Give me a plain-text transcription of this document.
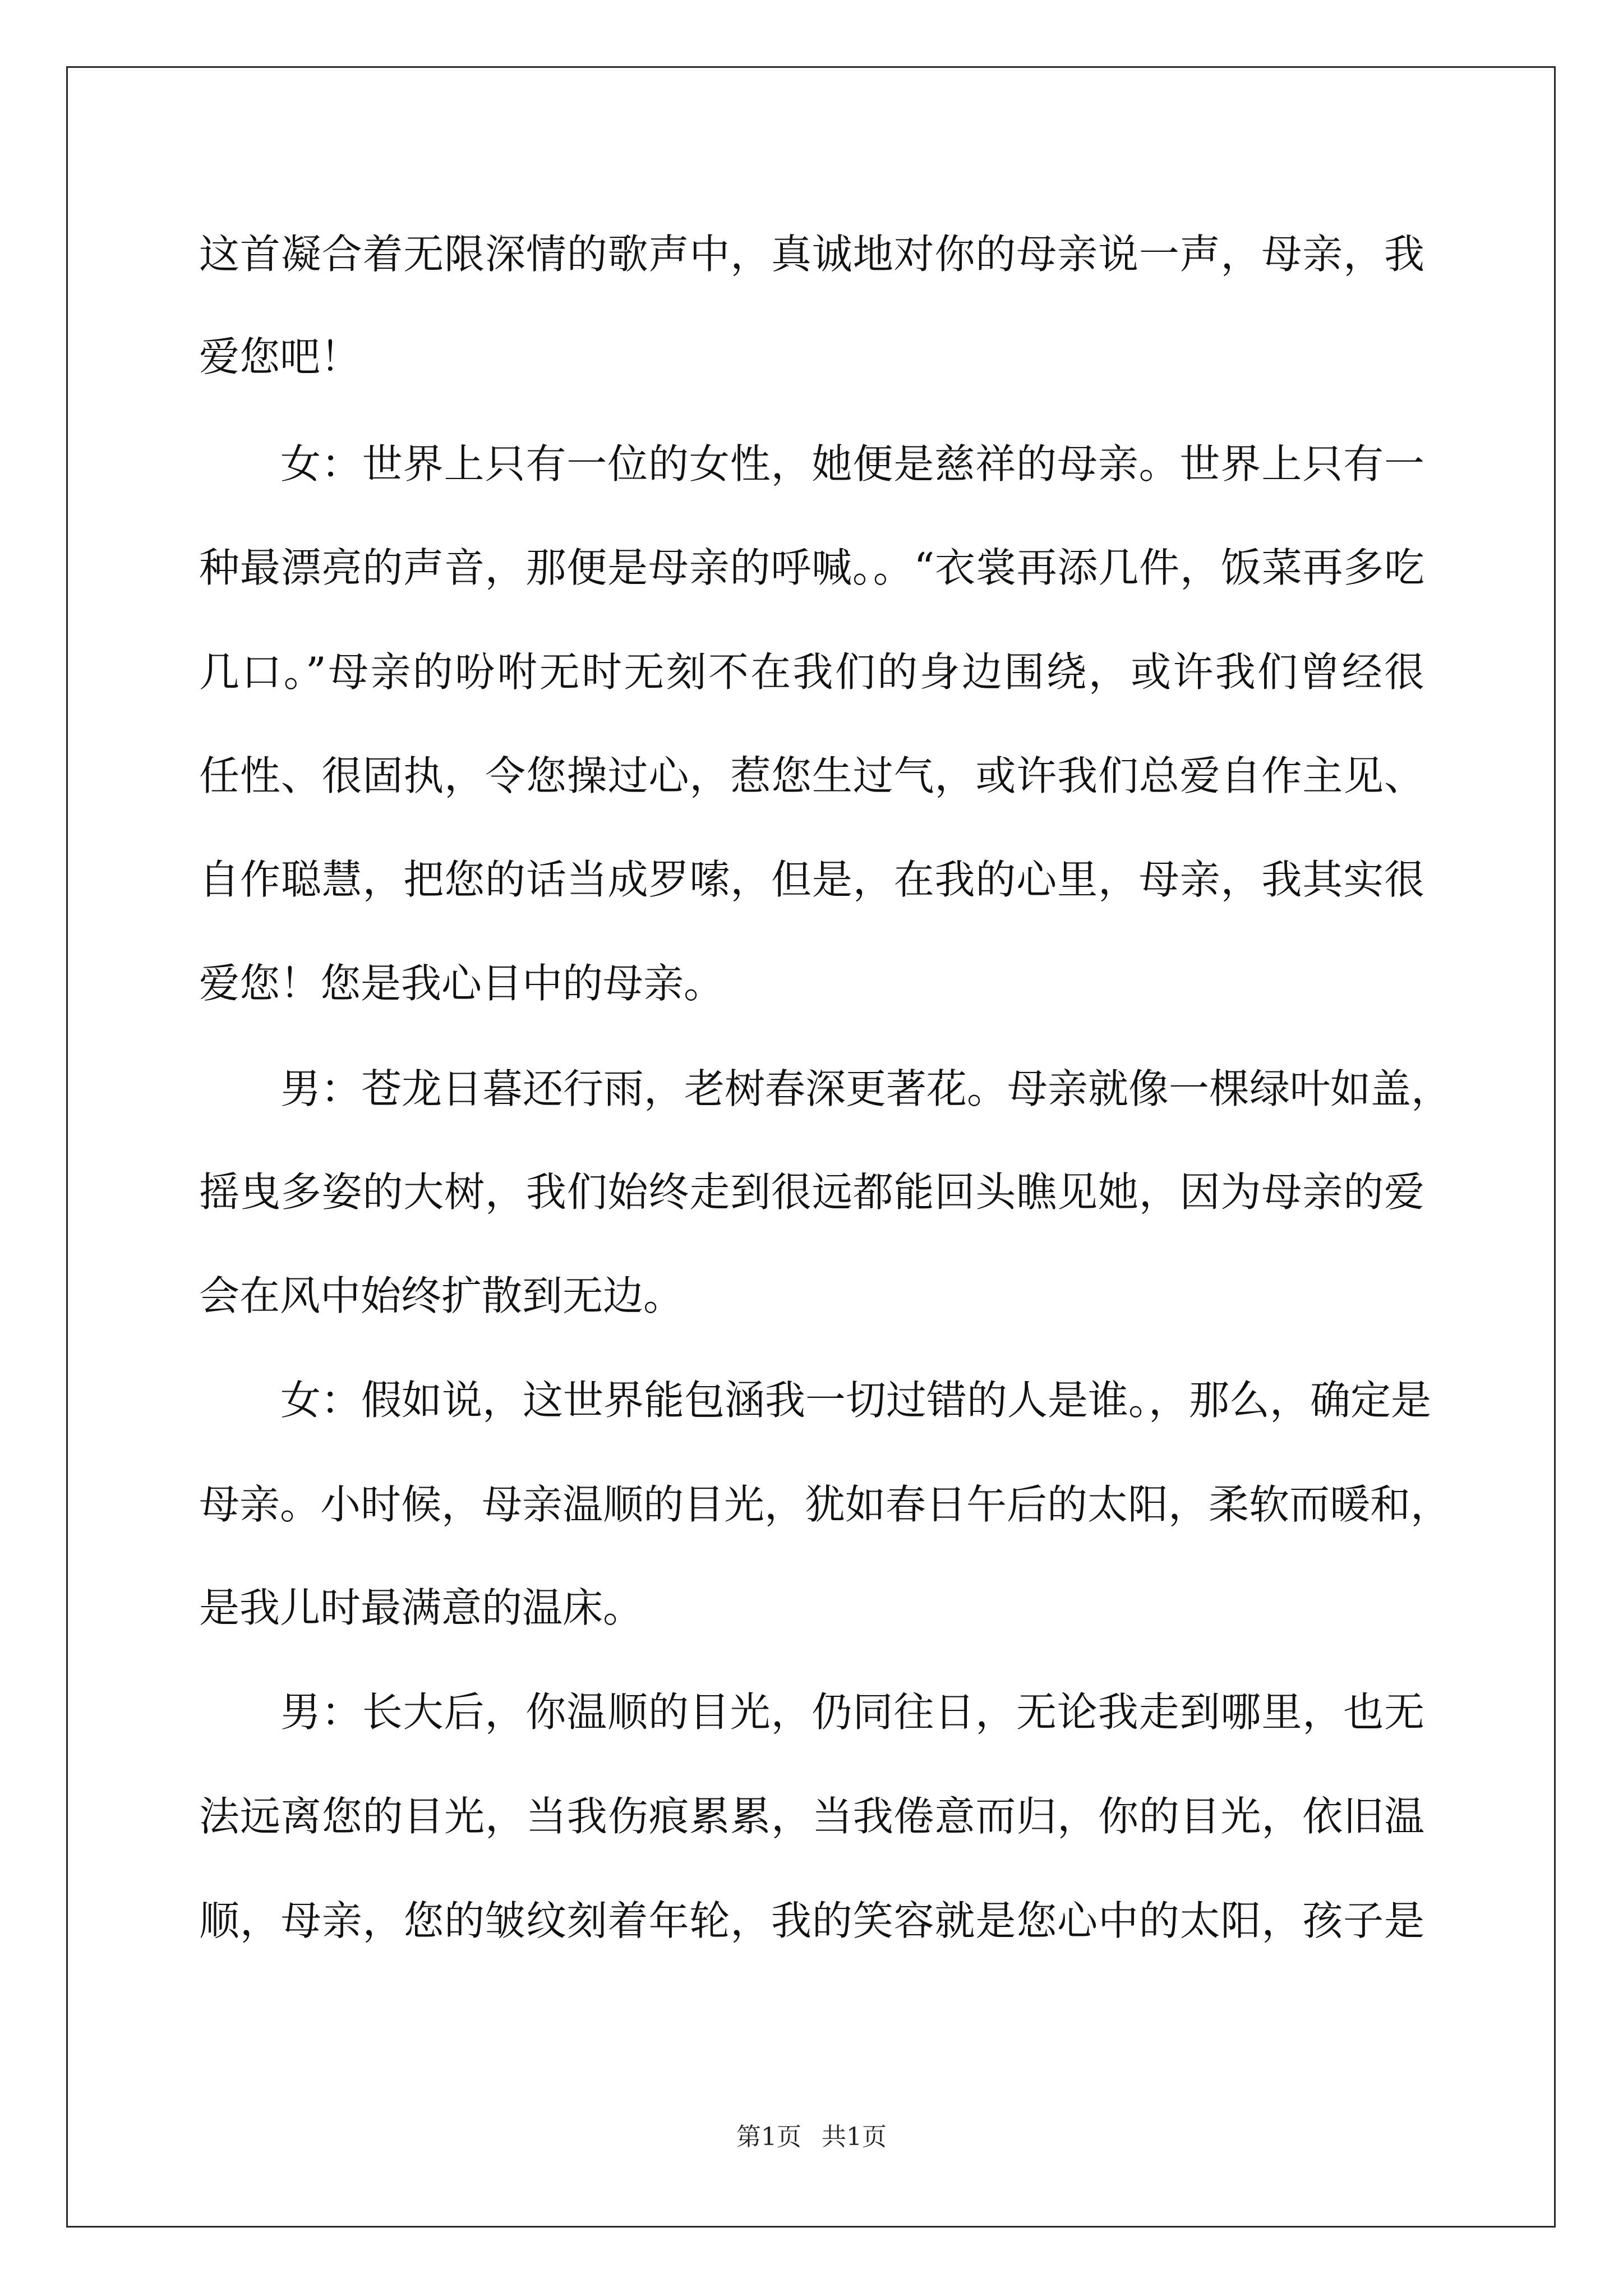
这首凝合着无限深情的歌声中，真诚地对你的母亲说一声，母亲，我
爱您吧！
女：世界上只有一位的女性，她便是慈祥的母亲。世界上只有一
种最漂亮的声音，那便是母亲的呼喊。。“衣裳再添几件，饭菜再多吃
几口。”母亲的吩咐无时无刻不在我们的身边围绕，或许我们曾经很
任性、很固执，令您操过心，惹您生过气，或许我们总爱自作主见、
自作聪慧，把您的话当成罗嗦，但是，在我的心里，母亲，我其实很
爱您！您是我心目中的母亲。
男：苍龙日暮还行雨，老树春深更著花。母亲就像一棵绿叶如盖，
摇曳多姿的大树，我们始终走到很远都能回头瞧见她，因为母亲的爱
会在风中始终扩散到无边。
女：假如说，这世界能包涵我一切过错的人是谁。，那么，确定是
母亲。小时候，母亲温顺的目光，犹如春日午后的太阳，柔软而暖和，
是我儿时最满意的温床。
男：长大后，你温顺的目光，仍同往日，无论我走到哪里，也无
法远离您的目光，当我伤痕累累，当我倦意而归，你的目光，依旧温
顺，母亲，您的皱纹刻着年轮，我的笑容就是您心中的太阳，孩子是
第1页 共1页
